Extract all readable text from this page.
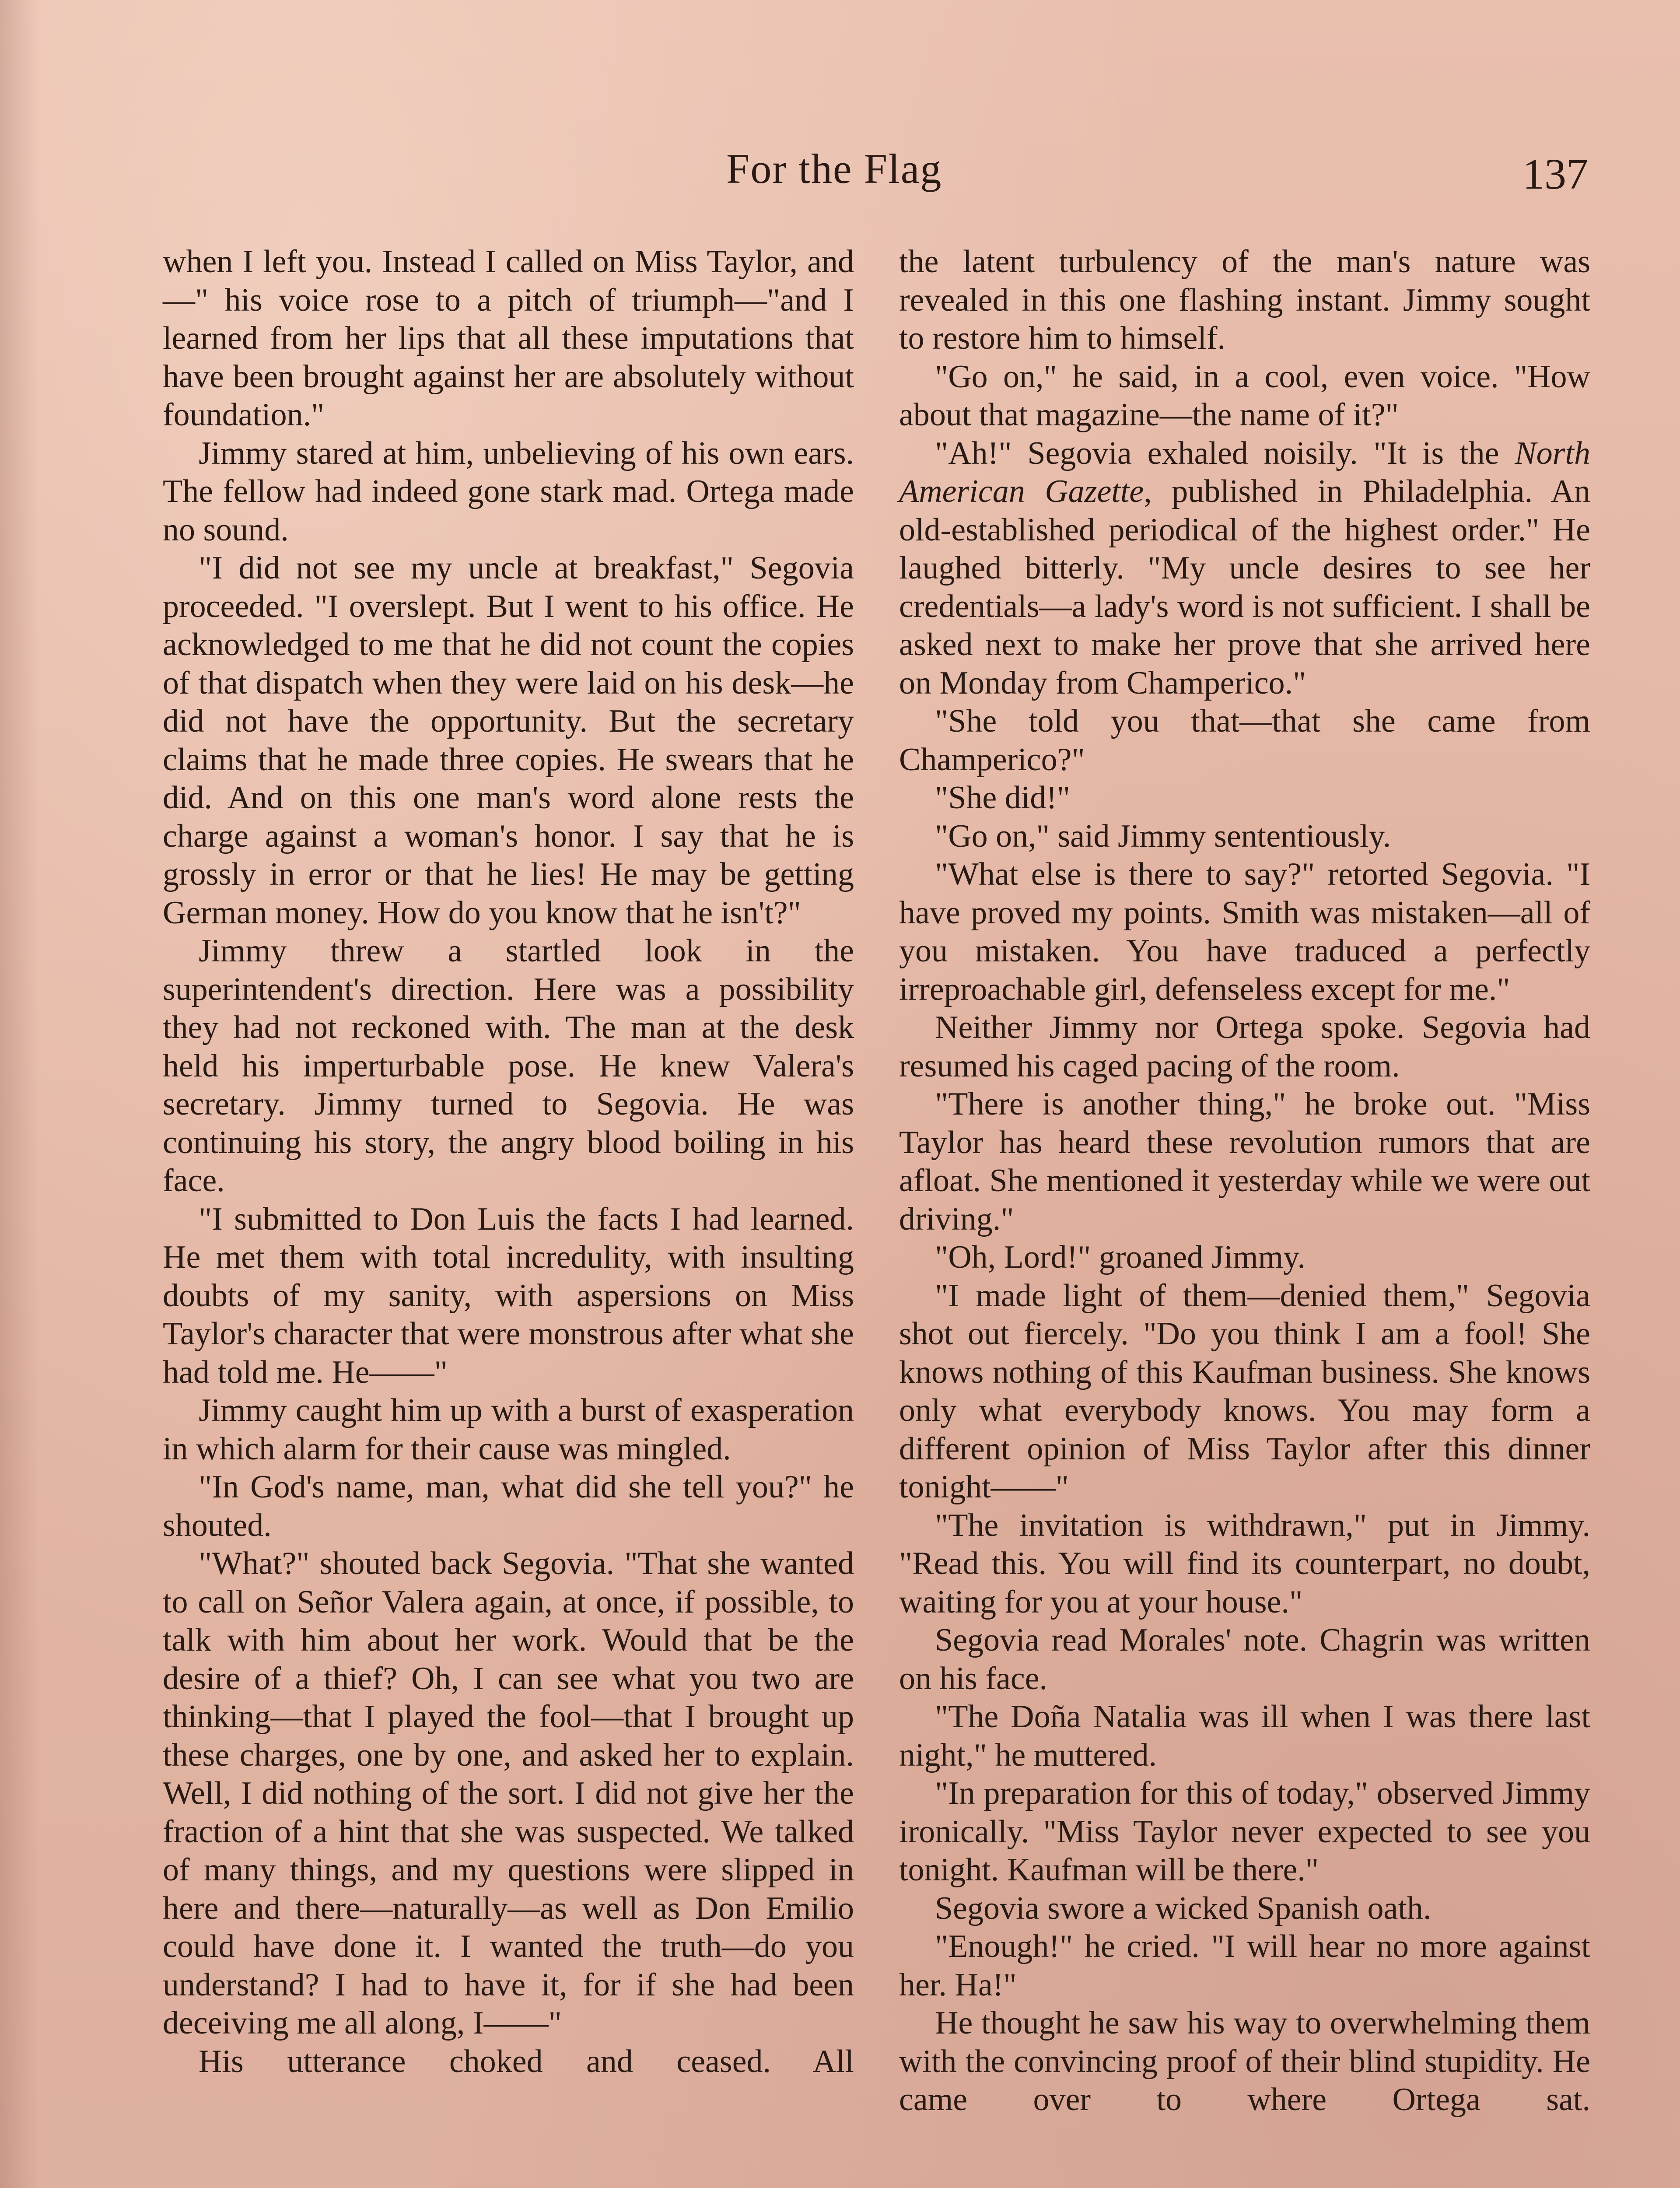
For the Flag	137

when I left you. Instead I called on Miss Taylor, and—" his voice rose to a pitch of triumph—"and I learned from her lips that all these imputations that have been brought against her are absolutely without foundation."

Jimmy stared at him, unbelieving of his own ears. The fellow had indeed gone stark mad. Ortega made no sound.

"I did not see my uncle at breakfast," Segovia proceeded. "I overslept. But I went to his office. He acknowledged to me that he did not count the copies of that dispatch when they were laid on his desk—he did not have the opportunity. But the secretary claims that he made three copies. He swears that he did. And on this one man's word alone rests the charge against a woman's honor. I say that he is grossly in error or that he lies! He may be getting German money. How do you know that he isn't?"

Jimmy threw a startled look in the superintendent's direction. Here was a possibility they had not reckoned with. The man at the desk held his imperturbable pose. He knew Valera's secretary. Jimmy turned to Segovia. He was continuing his story, the angry blood boiling in his face.

"I submitted to Don Luis the facts I had learned. He met them with total incredulity, with insulting doubts of my sanity, with aspersions on Miss Taylor's character that were monstrous after what she had told me. He——"

Jimmy caught him up with a burst of exasperation in which alarm for their cause was mingled.

"In God's name, man, what did she tell you?" he shouted.

"What?" shouted back Segovia. "That she wanted to call on Señor Valera again, at once, if possible, to talk with him about her work. Would that be the desire of a thief? Oh, I can see what you two are thinking—that I played the fool—that I brought up these charges, one by one, and asked her to explain. Well, I did nothing of the sort. I did not give her the fraction of a hint that she was suspected. We talked of many things, and my questions were slipped in here and there—naturally—as well as Don Emilio could have done it. I wanted the truth—do you understand? I had to have it, for if she had been deceiving me all along, I——"

His utterance choked and ceased. All

the latent turbulency of the man's nature was revealed in this one flashing instant. Jimmy sought to restore him to himself.

"Go on," he said, in a cool, even voice. "How about that magazine—the name of it?"

"Ah!" Segovia exhaled noisily. "It is the North American Gazette, published in Philadelphia. An old-established periodical of the highest order." He laughed bitterly. "My uncle desires to see her credentials—a lady's word is not sufficient. I shall be asked next to make her prove that she arrived here on Monday from Champerico."

"She told you that—that she came from Champerico?"

"She did!"

"Go on," said Jimmy sententiously.

"What else is there to say?" retorted Segovia. "I have proved my points. Smith was mistaken—all of you mistaken. You have traduced a perfectly irreproachable girl, defenseless except for me."

Neither Jimmy nor Ortega spoke. Segovia had resumed his caged pacing of the room.

"There is another thing," he broke out. "Miss Taylor has heard these revolution rumors that are afloat. She mentioned it yesterday while we were out driving."

"Oh, Lord!" groaned Jimmy.

"I made light of them—denied them," Segovia shot out fiercely. "Do you think I am a fool! She knows nothing of this Kaufman business. She knows only what everybody knows. You may form a different opinion of Miss Taylor after this dinner tonight——"

"The invitation is withdrawn," put in Jimmy. "Read this. You will find its counterpart, no doubt, waiting for you at your house."

Segovia read Morales' note. Chagrin was written on his face.

"The Doña Natalia was ill when I was there last night," he muttered.

"In preparation for this of today," observed Jimmy ironically. "Miss Taylor never expected to see you tonight. Kaufman will be there."

Segovia swore a wicked Spanish oath.

"Enough!" he cried. "I will hear no more against her. Ha!"

He thought he saw his way to overwhelming them with the convincing proof of their blind stupidity. He came over to where Ortega sat.
